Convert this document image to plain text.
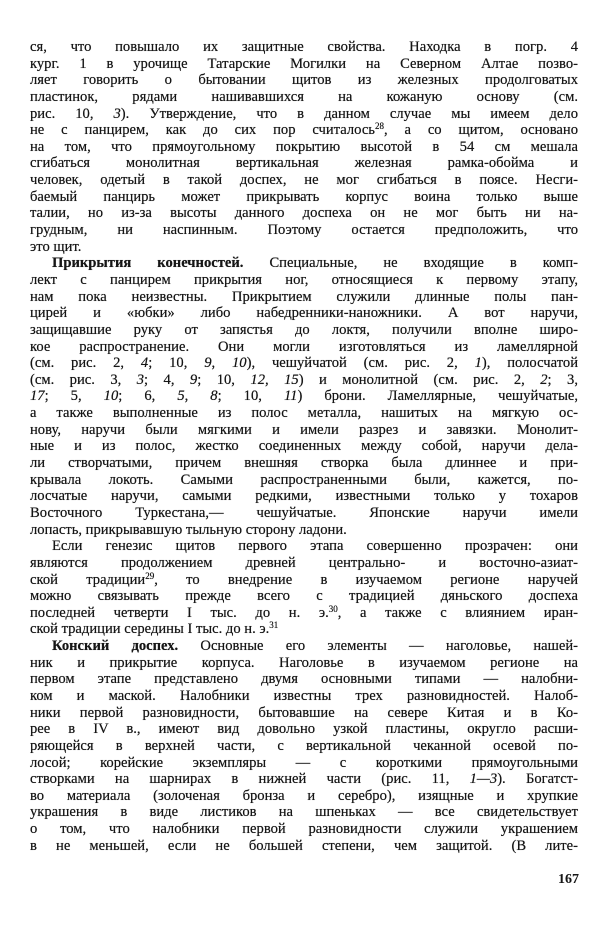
ся, что повышало их защитные свойства. Находка в погр. 4
кург. 1 в урочище Татарские Могилки на Северном Алтае позво-
ляет говорить о бытовании щитов из железных продолговатых
пластинок, рядами нашивавшихся на кожаную основу (см.
рис. 10, 3). Утверждение, что в данном случае мы имеем дело
не с панцирем, как до сих пор считалось$^{28}$, а со щитом, основано
на том, что прямоугольному покрытию высотой в 54 см мешала
сгибаться монолитная вертикальная железная рамка-обойма и
человек, одетый в такой доспех, не мог сгибаться в поясе. Несги-
баемый панцирь может прикрывать корпус воина только выше
талии, но из-за высоты данного доспеха он не мог быть ни на-
грудным, ни наспинным. Поэтому остается предположить, что
это щит.
Прикрытия конечностей. Специальные, не входящие в комп-
лект с панцирем прикрытия ног, относящиеся к первому этапу,
нам пока неизвестны. Прикрытием служили длинные полы пан-
цирей и «юбки» либо набедренники-наножники. А вот наручи,
защищавшие руку от запястья до локтя, получили вполне широ-
кое распространение. Они могли изготовляться из ламеллярной
(см. рис. 2, 4; 10, 9, 10), чешуйчатой (см. рис. 2, 1), полосчатой
(см. рис. 3, 3; 4, 9; 10, 12, 15) и монолитной (см. рис. 2, 2; 3,
17; 5, 10; 6, 5, 8; 10, 11) брони. Ламеллярные, чешуйчатые,
а также выполненные из полос металла, нашитых на мягкую ос-
нову, наручи были мягкими и имели разрез и завязки. Монолит-
ные и из полос, жестко соединенных между собой, наручи дела-
ли створчатыми, причем внешняя створка была длиннее и при-
крывала локоть. Самыми распространенными были, кажется, по-
лосчатые наручи, самыми редкими, известными только у тохаров
Восточного Туркестана,— чешуйчатые. Японские наручи имели
лопасть, прикрывавшую тыльную сторону ладони.
Если генезис щитов первого этапа совершенно прозрачен: они
являются продолжением древней центрально- и восточно-азиат-
ской традиции$^{29}$, то внедрение в изучаемом регионе наручей
можно связывать прежде всего с традицией дяньского доспеха
последней четверти I тыс. до н. э.$^{30}$, а также с влиянием иран-
ской традиции середины I тыс. до н. э.$^{31}$
Конский доспех. Основные его элементы — наголовье, нашей-
ник и прикрытие корпуса. Наголовье в изучаемом регионе на
первом этапе представлено двумя основными типами — налобни-
ком и маской. Налобники известны трех разновидностей. Налоб-
ники первой разновидности, бытовавшие на севере Китая и в Ко-
рее в IV в., имеют вид довольно узкой пластины, округло расши-
ряющейся в верхней части, с вертикальной чеканной осевой по-
лосой; корейские экземпляры — с короткими прямоугольными
створками на шарнирах в нижней части (рис. 11, 1—3). Богатст-
во материала (золоченая бронза и серебро), изящные и хрупкие
украшения в виде листиков на шпеньках — все свидетельствует
о том, что налобники первой разновидности служили украшением
в не меньшей, если не большей степени, чем защитой. (В лите-
167
